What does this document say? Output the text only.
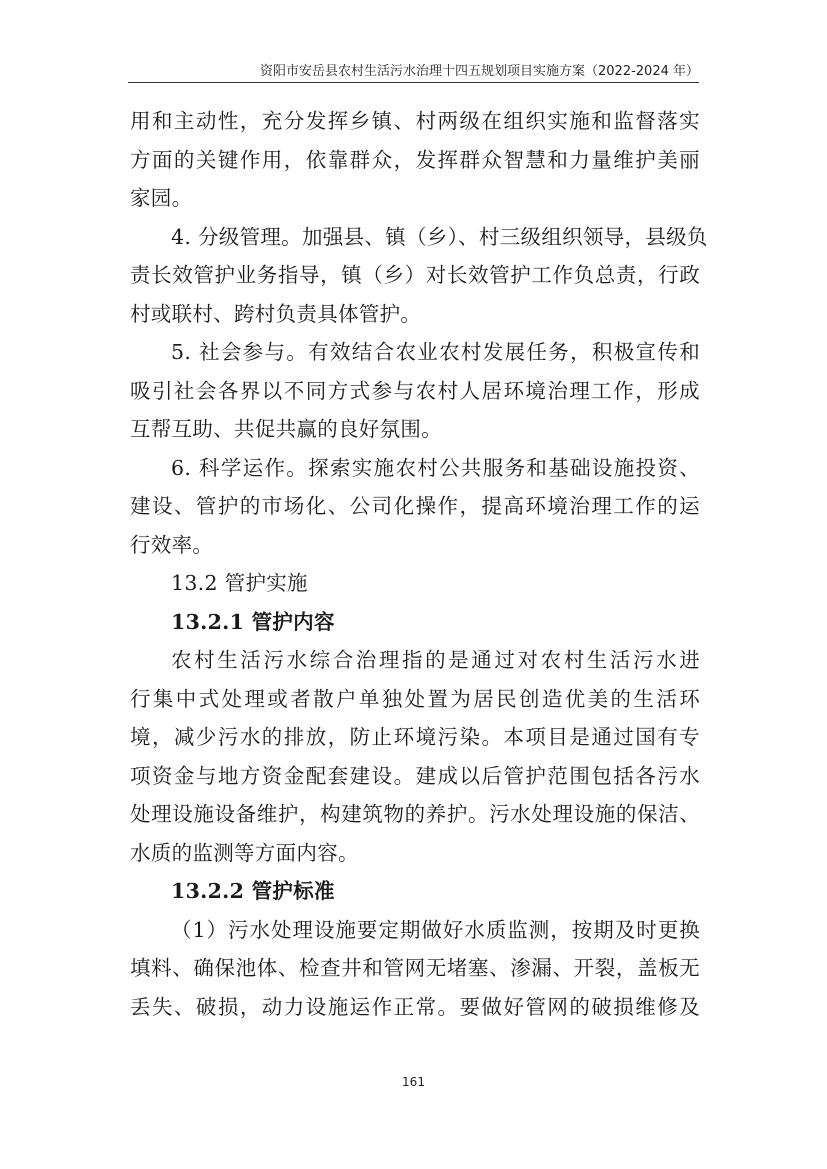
资阳市安岳县农村生活污水治理十四五规划项目实施方案（2022-2024 年）
用和主动性，充分发挥乡镇、村两级在组织实施和监督落实
方面的关键作用，依靠群众，发挥群众智慧和力量维护美丽
家园。
4. 分级管理。加强县、镇（乡）、村三级组织领导，县级负
责长效管护业务指导，镇（乡）对长效管护工作负总责，行政
村或联村、跨村负责具体管护。
5. 社会参与。有效结合农业农村发展任务，积极宣传和
吸引社会各界以不同方式参与农村人居环境治理工作，形成
互帮互助、共促共赢的良好氛围。
6. 科学运作。探索实施农村公共服务和基础设施投资、
建设、管护的市场化、公司化操作，提高环境治理工作的运
行效率。
13.2 管护实施
13.2.1 管护内容
农村生活污水综合治理指的是通过对农村生活污水进
行集中式处理或者散户单独处置为居民创造优美的生活环
境，减少污水的排放，防止环境污染。本项目是通过国有专
项资金与地方资金配套建设。建成以后管护范围包括各污水
处理设施设备维护，构建筑物的养护。污水处理设施的保洁、
水质的监测等方面内容。
13.2.2 管护标准
（1）污水处理设施要定期做好水质监测，按期及时更换
填料、确保池体、检查井和管网无堵塞、渗漏、开裂，盖板无
丢失、破损，动力设施运作正常。要做好管网的破损维修及
161
